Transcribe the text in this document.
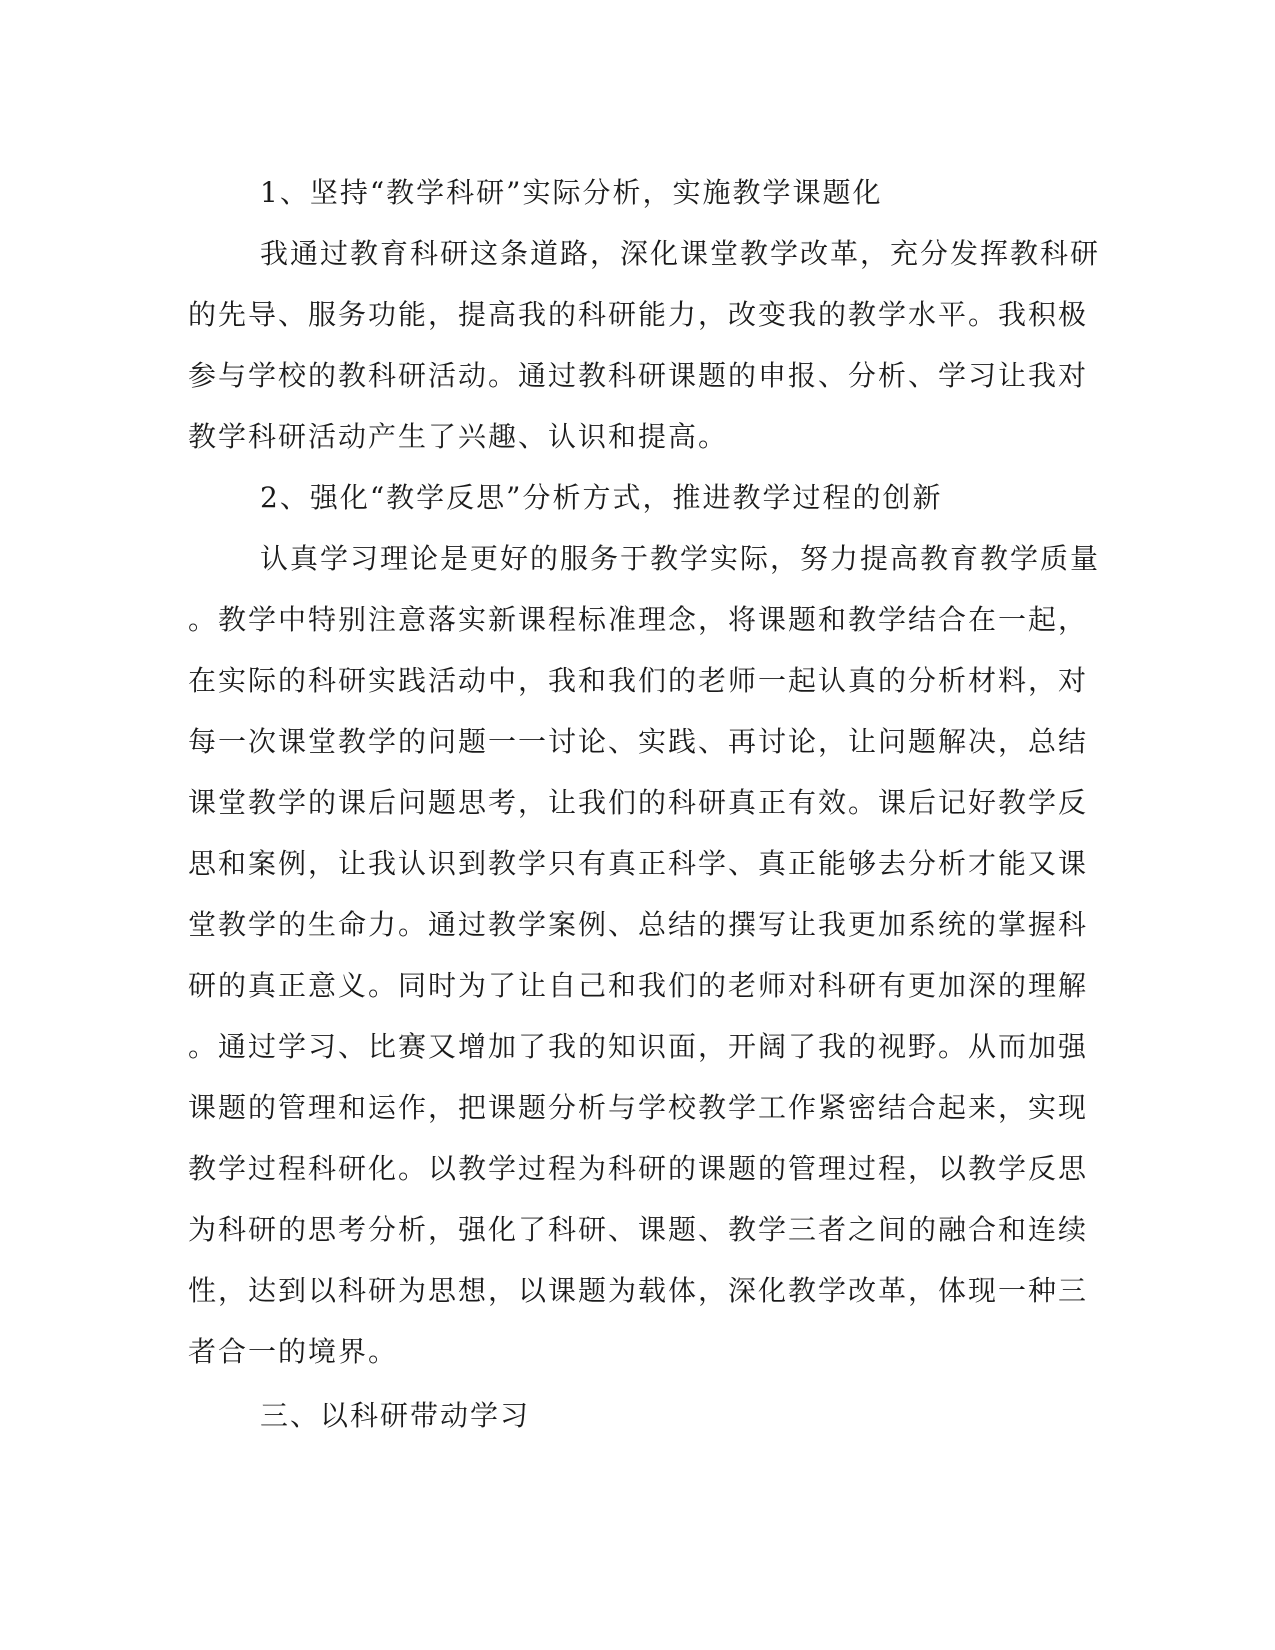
1、坚持“教学科研”实际分析，实施教学课题化
我通过教育科研这条道路，深化课堂教学改革，充分发挥教科研
的先导、服务功能，提高我的科研能力，改变我的教学水平。我积极
参与学校的教科研活动。通过教科研课题的申报、分析、学习让我对
教学科研活动产生了兴趣、认识和提高。
2、强化“教学反思”分析方式，推进教学过程的创新
认真学习理论是更好的服务于教学实际，努力提高教育教学质量
。教学中特别注意落实新课程标准理念，将课题和教学结合在一起，
在实际的科研实践活动中，我和我们的老师一起认真的分析材料，对
每一次课堂教学的问题一一讨论、实践、再讨论，让问题解决，总结
课堂教学的课后问题思考，让我们的科研真正有效。课后记好教学反
思和案例，让我认识到教学只有真正科学、真正能够去分析才能又课
堂教学的生命力。通过教学案例、总结的撰写让我更加系统的掌握科
研的真正意义。同时为了让自己和我们的老师对科研有更加深的理解
。通过学习、比赛又增加了我的知识面，开阔了我的视野。从而加强
课题的管理和运作，把课题分析与学校教学工作紧密结合起来，实现
教学过程科研化。以教学过程为科研的课题的管理过程，以教学反思
为科研的思考分析，强化了科研、课题、教学三者之间的融合和连续
性，达到以科研为思想，以课题为载体，深化教学改革，体现一种三
者合一的境界。
三、以科研带动学习
